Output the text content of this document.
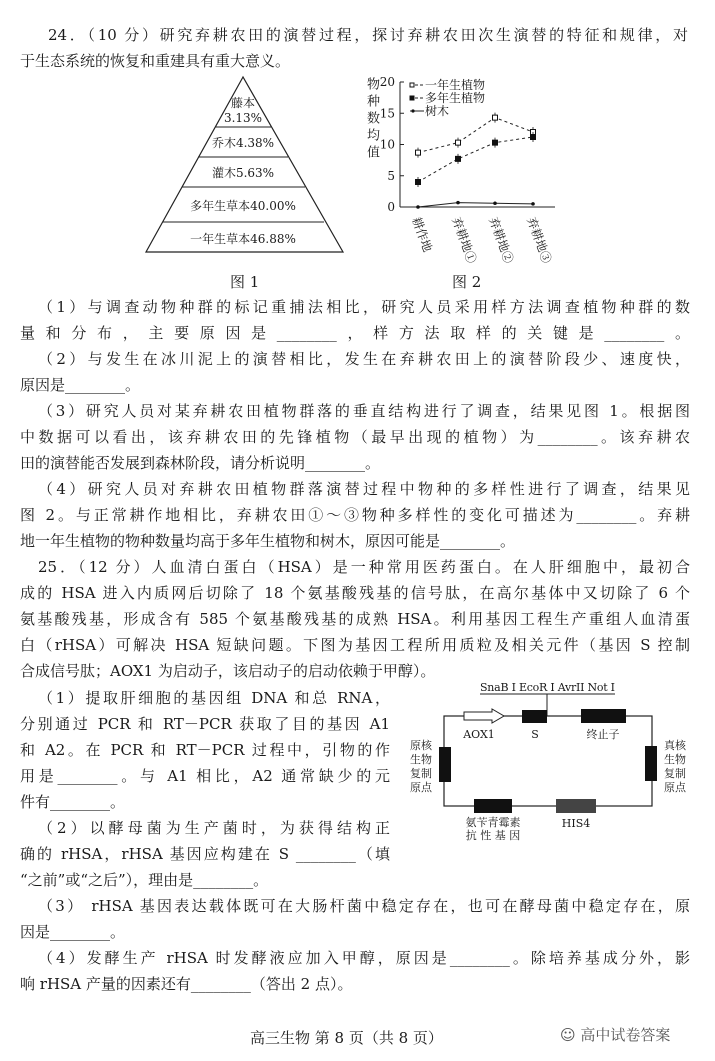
24．（10 分）研究弃耕农田的演替过程，探讨弃耕农田次生演替的特征和规律，对
于生态系统的恢复和重建具有重大意义。
（1）与调查动物种群的标记重捕法相比，研究人员采用样方法调查植物种群的数
量和分布，主要原因是________，样方法取样的关键是________。
（2）与发生在冰川泥上的演替相比，发生在弃耕农田上的演替阶段少、速度快，
原因是________。
（3）研究人员对某弃耕农田植物群落的垂直结构进行了调查，结果见图 1。根据图
中数据可以看出，该弃耕农田的先锋植物（最早出现的植物）为________。该弃耕农
田的演替能否发展到森林阶段，请分析说明________。
（4）研究人员对弃耕农田植物群落演替过程中物种的多样性进行了调查，结果见
图 2。与正常耕作地相比，弃耕农田①～③物种多样性的变化可描述为________。弃耕
地一年生植物的物种数量均高于多年生植物和树木，原因可能是________。
25．（12 分）人血清白蛋白（HSA）是一种常用医药蛋白。在人肝细胞中，最初合
成的 HSA 进入内质网后切除了 18 个氨基酸残基的信号肽，在高尔基体中又切除了 6 个
氨基酸残基，形成含有 585 个氨基酸残基的成熟 HSA。利用基因工程生产重组人血清蛋
白（rHSA）可解决 HSA 短缺问题。下图为基因工程所用质粒及相关元件（基因 S 控制
合成信号肽；AOX1 为启动子，该启动子的启动依赖于甲醇）。
（1）提取肝细胞的基因组 DNA 和总 RNA，
分别通过 PCR 和 RT－PCR 获取了目的基因 A1
和 A2。在 PCR 和 RT－PCR 过程中，引物的作
用是________。与 A1 相比，A2 通常缺少的元
件有________。
（2）以酵母菌为生产菌时，为获得结构正
确的 rHSA，rHSA 基因应构建在 S ________（填
“之前”或“之后”），理由是________。
（3） rHSA 基因表达载体既可在大肠杆菌中稳定存在，也可在酵母菌中稳定存在，原
因是________。
（4）发酵生产 rHSA 时发酵液应加入甲醇，原因是________。除培养基成分外，影
响 rHSA 产量的因素还有________（答出 2 点）。
藤本
3.13%
乔木4.38%
灌木5.63%
多年生草本40.00%
一年生草本46.88%
0
5
10
15
20
耕作地 弃耕地① 弃耕地② 弃耕地③
一年生植物
多年生植物
树木
物种数均值
图 1	图 2
SnaB I EcoR I AvrII Not I
AOX1	S	终止子
原核
生物
复制
原点
真核
生物
复制
原点
氨苄青霉素
抗 性 基 因
HIS4
高三生物 第 8 页（共 8 页）	☺ 高中试卷答案
